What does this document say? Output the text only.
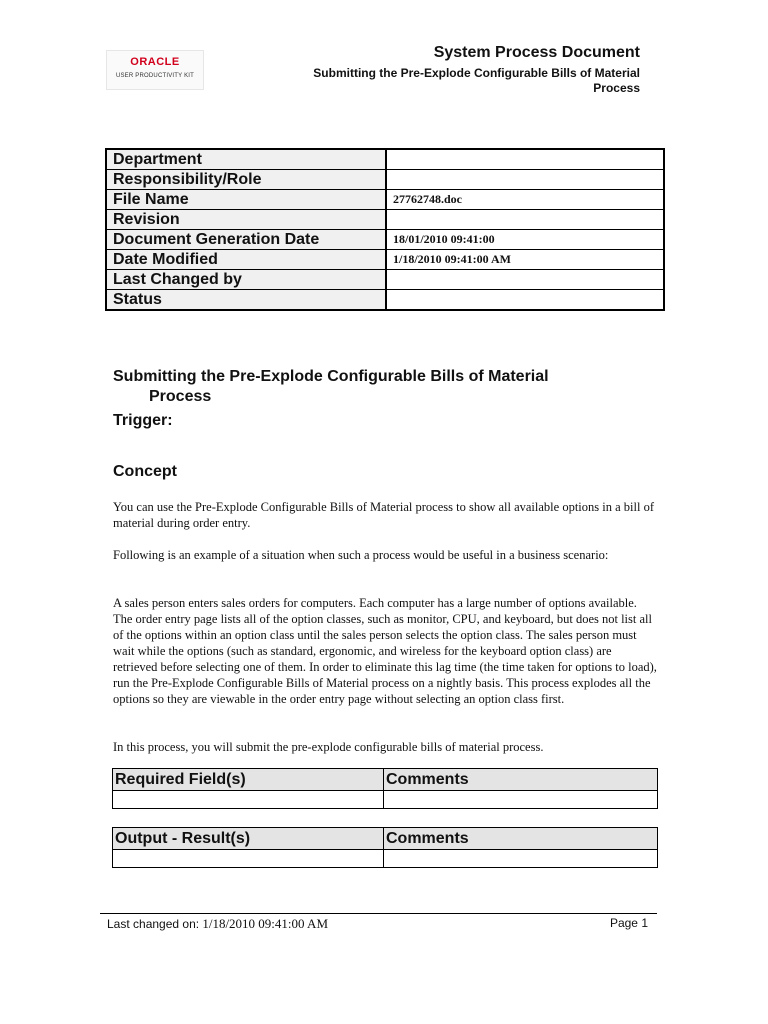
ORACLE
USER PRODUCTIVITY KIT
System Process Document
Submitting the Pre-Explode Configurable Bills of Material Process
Department	
Responsibility/Role	
File Name	27762748.doc
Revision	
Document Generation Date	18/01/2010 09:41:00
Date Modified	1/18/2010 09:41:00 AM
Last Changed by	
Status	
Submitting the Pre-Explode Configurable Bills of Material
Process
Trigger:
Concept

You can use the Pre-Explode Configurable Bills of Material process to show all available options in a bill of material during order entry.

Following is an example of a situation when such a process would be useful in a business scenario:

A sales person enters sales orders for computers. Each computer has a large number of options available. The order entry page lists all of the option classes, such as monitor, CPU, and keyboard, but does not list all of the options within an option class until the sales person selects the option class. The sales person must wait while the options (such as standard, ergonomic, and wireless for the keyboard option class) are retrieved before selecting one of them. In order to eliminate this lag time (the time taken for options to load), run the Pre-Explode Configurable Bills of Material process on a nightly basis. This process explodes all the options so they are viewable in the order entry page without selecting an option class first.

In this process, you will submit the pre-explode configurable bills of material process.

Required Field(s)	Comments

Output - Result(s)	Comments

Last changed on: 1/18/2010 09:41:00 AM	Page 1
